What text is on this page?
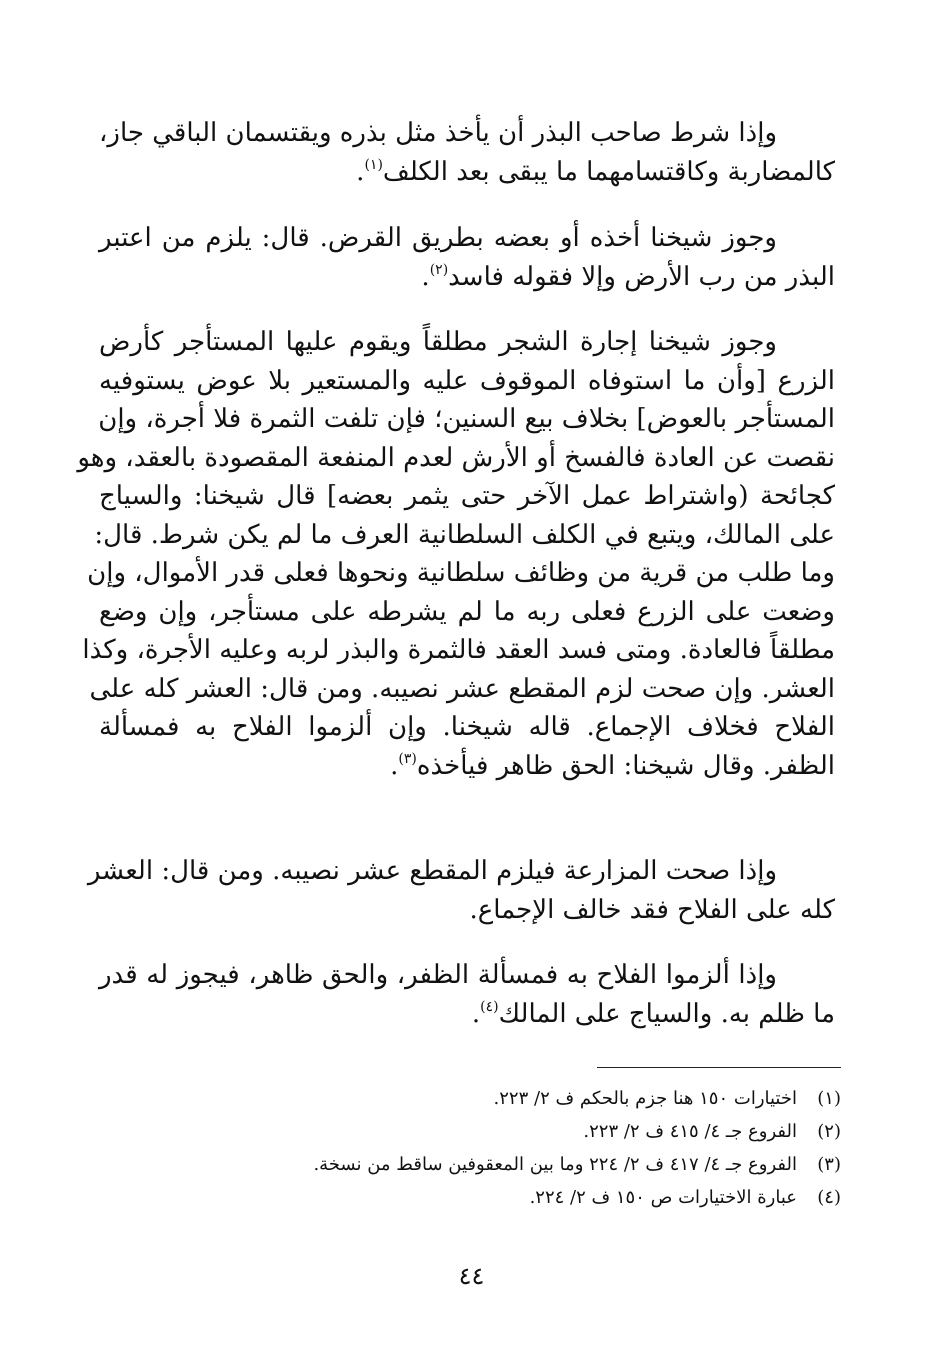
وإذا شرط صاحب البذر أن يأخذ مثل بذره ويقتسمان الباقي جاز،
كالمضاربة وكاقتسامهما ما يبقى بعد الكلف$^{(١)}$.
وجوز شيخنا أخذه أو بعضه بطريق القرض. قال: يلزم من اعتبر
البذر من رب الأرض وإلا فقوله فاسد$^{(٢)}$.
وجوز شيخنا إجارة الشجر مطلقاً ويقوم عليها المستأجر كأرض
الزرع [وأن ما استوفاه الموقوف عليه والمستعير بلا عوض يستوفيه
المستأجر بالعوض] بخلاف بيع السنين؛ فإن تلفت الثمرة فلا أجرة، وإن
نقصت عن العادة فالفسخ أو الأرش لعدم المنفعة المقصودة بالعقد، وهو
كجائحة (واشتراط عمل الآخر حتى يثمر بعضه] قال شيخنا: والسياج
على المالك، ويتبع في الكلف السلطانية العرف ما لم يكن شرط. قال:
وما طلب من قرية من وظائف سلطانية ونحوها فعلى قدر الأموال، وإن
وضعت على الزرع فعلى ربه ما لم يشرطه على مستأجر، وإن وضع
مطلقاً فالعادة. ومتى فسد العقد فالثمرة والبذر لربه وعليه الأجرة، وكذا
العشر. وإن صحت لزم المقطع عشر نصيبه. ومن قال: العشر كله على
الفلاح فخلاف الإجماع. قاله شيخنا. وإن ألزموا الفلاح به فمسألة
الظفر. وقال شيخنا: الحق ظاهر فيأخذه$^{(٣)}$.
وإذا صحت المزارعة فيلزم المقطع عشر نصيبه. ومن قال: العشر
كله على الفلاح فقد خالف الإجماع.
وإذا ألزموا الفلاح به فمسألة الظفر، والحق ظاهر، فيجوز له قدر
ما ظلم به. والسياج على المالك$^{(٤)}$.
(١)اختيارات ١٥٠ هنا جزم بالحكم ف ٢/ ٢٢٣.
(٢)الفروع جـ ٤/ ٤١٥ ف ٢/ ٢٢٣.
(٣)الفروع جـ ٤/ ٤١٧ ف ٢/ ٢٢٤ وما بين المعقوفين ساقط من نسخة.
(٤)عبارة الاختيارات ص ١٥٠ ف ٢/ ٢٢٤.
٤٤
